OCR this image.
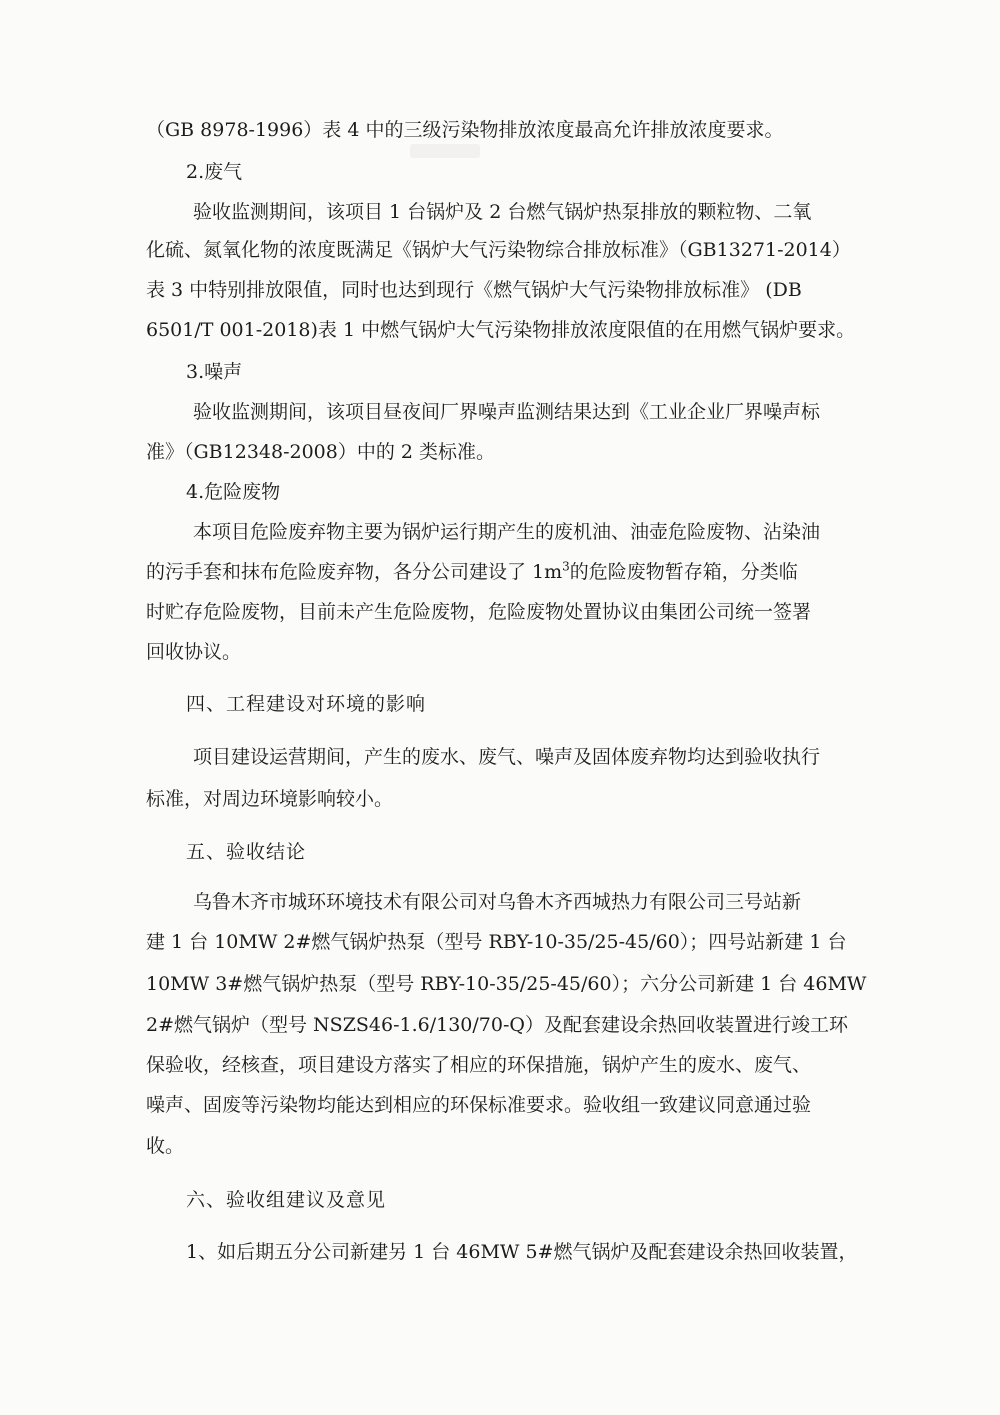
（GB 8978-1996）表 4 中的三级污染物排放浓度最高允许排放浓度要求。
2.废气
验收监测期间，该项目 1 台锅炉及 2 台燃气锅炉热泵排放的颗粒物、二氧
化硫、氮氧化物的浓度既满足《锅炉大气污染物综合排放标准》（GB13271-2014）
表 3 中特别排放限值，同时也达到现行《燃气锅炉大气污染物排放标准》 (DB
6501/T 001-2018)表 1 中燃气锅炉大气污染物排放浓度限值的在用燃气锅炉要求。
3.噪声
验收监测期间，该项目昼夜间厂界噪声监测结果达到《工业企业厂界噪声标
准》（GB12348-2008）中的 2 类标准。
4.危险废物
本项目危险废弃物主要为锅炉运行期产生的废机油、油壶危险废物、沾染油
的污手套和抹布危险废弃物，各分公司建设了 $1m^3$的危险废物暂存箱，分类临
时贮存危险废物，目前未产生危险废物，危险废物处置协议由集团公司统一签署
回收协议。
四、工程建设对环境的影响
项目建设运营期间，产生的废水、废气、噪声及固体废弃物均达到验收执行
标准，对周边环境影响较小。
五、验收结论
乌鲁木齐市城环环境技术有限公司对乌鲁木齐西城热力有限公司三号站新
建 1 台 10MW 2#燃气锅炉热泵（型号 RBY-10-35/25-45/60）；四号站新建 1 台
10MW 3#燃气锅炉热泵（型号 RBY-10-35/25-45/60）；六分公司新建 1 台 46MW
2#燃气锅炉（型号 NSZS46-1.6/130/70-Q）及配套建设余热回收装置进行竣工环
保验收，经核查，项目建设方落实了相应的环保措施，锅炉产生的废水、废气、
噪声、固废等污染物均能达到相应的环保标准要求。验收组一致建议同意通过验
收。
六、验收组建议及意见
1、如后期五分公司新建另 1 台 46MW 5#燃气锅炉及配套建设余热回收装置，
